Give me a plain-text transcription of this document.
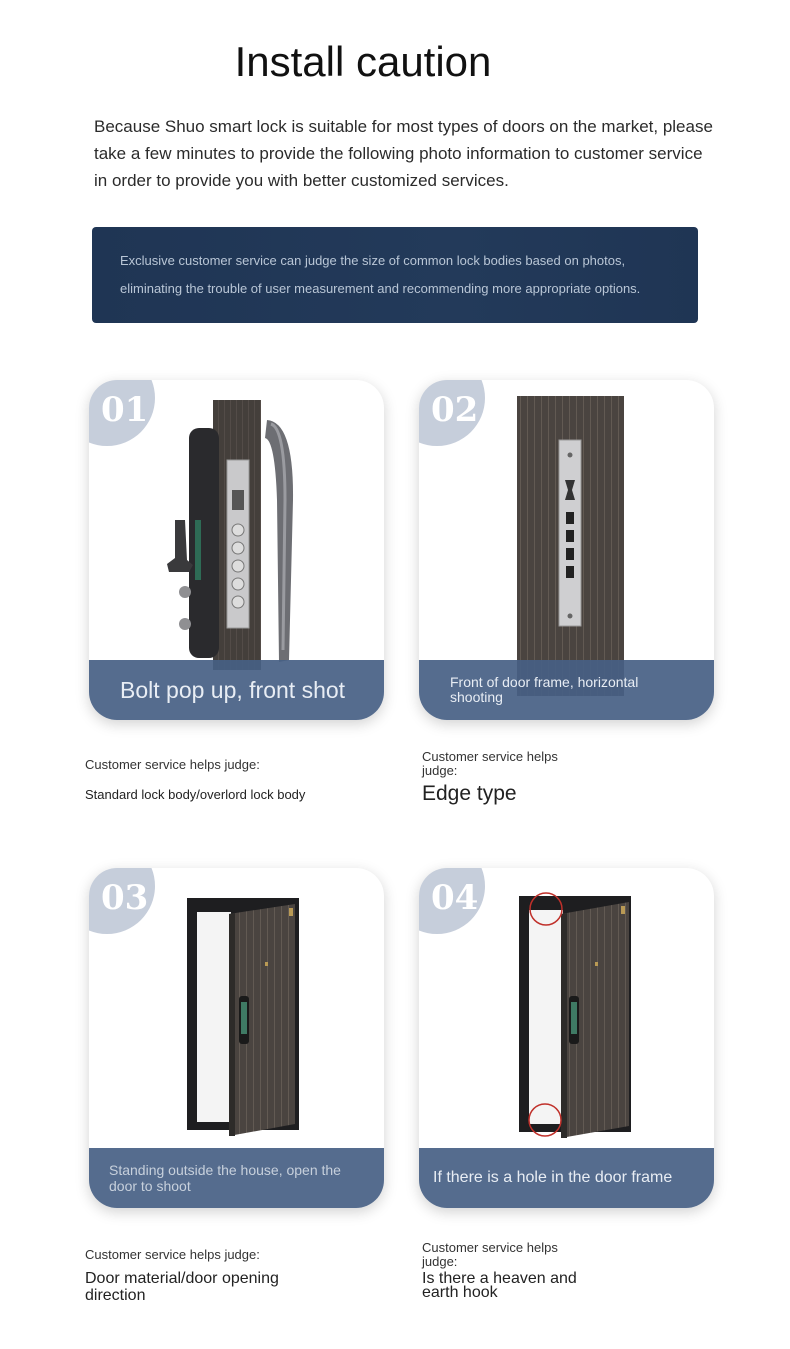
Install caution
Because Shuo smart lock is suitable for most types of doors on the market, please take a few minutes to provide the following photo information to customer service in order to provide you with better customized services.
Exclusive customer service can judge the size of common lock bodies based on photos, eliminating the trouble of user measurement and recommending more appropriate options.
01
Bolt pop up, front shot
02
Front of door frame, horizontal shooting
03
Standing outside the house, open the door to shoot
04
If there is a hole in the door frame
Customer service helps judge:
Standard lock body/overlord lock body
Customer service helps judge:
Edge type
Customer service helps judge:
Door material/door opening direction
Customer service helps judge:
Is there a heaven and earth hook
